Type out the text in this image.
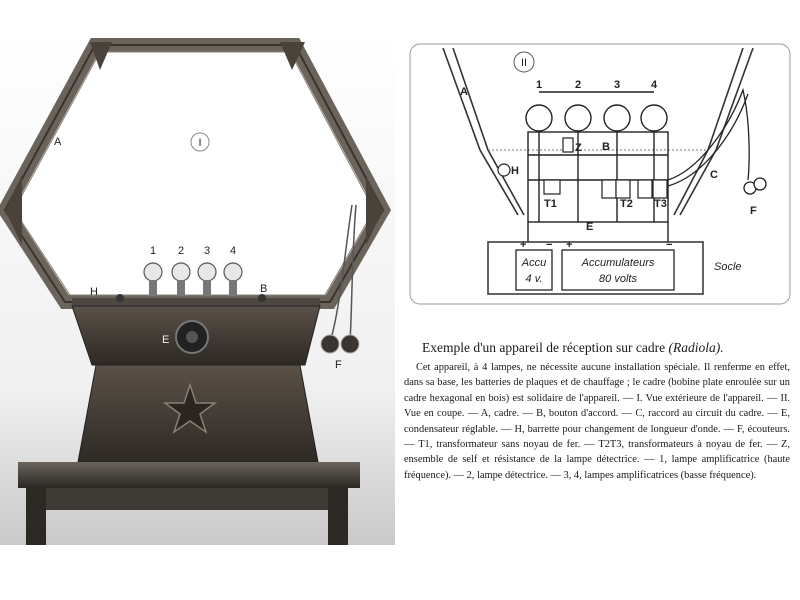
I
A
1 2 3 4
H	B
E
F
II
A
1	2	3	4
Z B
T1	T2 T3
E
H	C
F
Accu
4 v.
Accumulateurs
80 volts
+ − +	−
Socle
Exemple d'un appareil de réception sur cadre (Radiola).

Cet appareil, à 4 lampes, ne nécessite aucune installation spéciale. Il renferme en effet, dans sa base, les batteries de plaques et de chauffage ; le cadre (bobine plate enroulée sur un cadre hexagonal en bois) est solidaire de l'appareil. — I. Vue extérieure de l'appareil. — II. Vue en coupe. — A, cadre. — B, bouton d'accord. — C, raccord au circuit du cadre. — E, condensateur réglable. — H, barrette pour changement de longueur d'onde. — F, écouteurs. — T1, transformateur sans noyau de fer. — T2T3, transformateurs à noyau de fer. — Z, ensemble de self et résistance de la lampe détectrice. — 1, lampe amplificatrice (haute fréquence). — 2, lampe détectrice. — 3, 4, lampes amplificatrices (basse fréquence).
